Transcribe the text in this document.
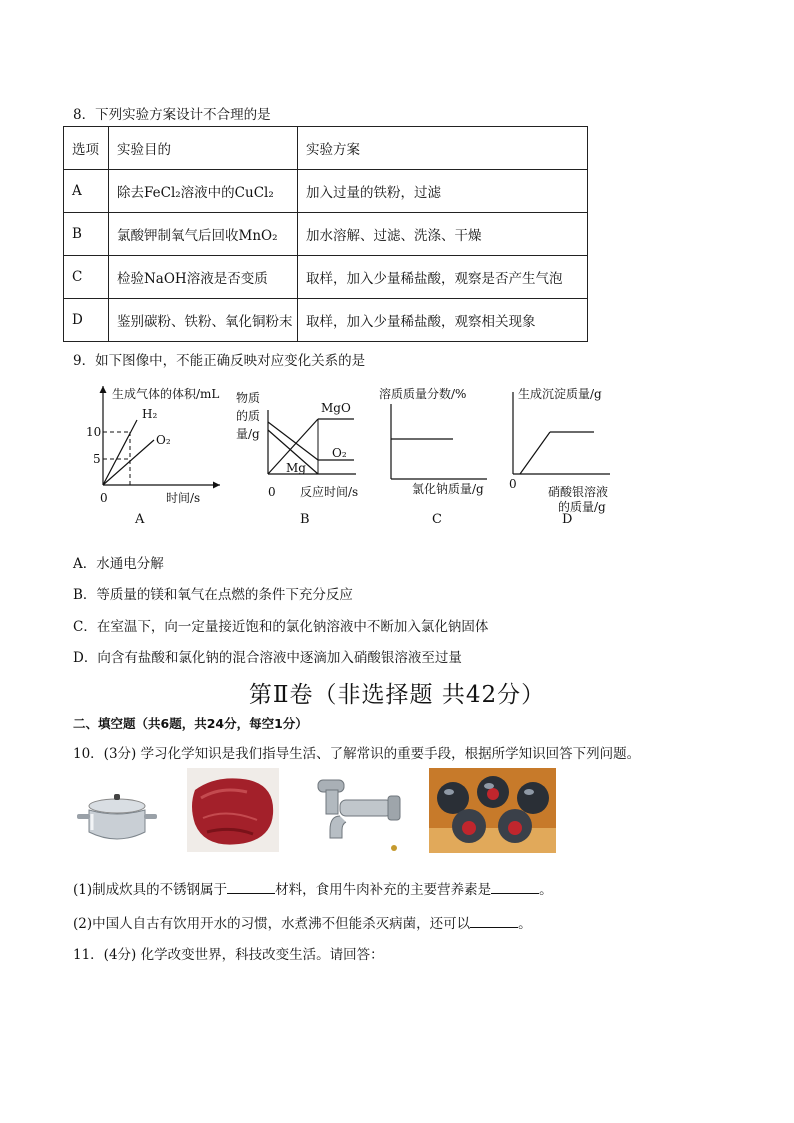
8．下列实验方案设计不合理的是
选项	实验目的	实验方案
A	除去FeCl₂溶液中的CuCl₂	加入过量的铁粉，过滤
B	氯酸钾制氧气后回收MnO₂	加水溶解、过滤、洗涤、干燥
C	检验NaOH溶液是否变质	取样，加入少量稀盐酸，观察是否产生气泡
D	鉴别碳粉、铁粉、氧化铜粉末	取样，加入少量稀盐酸，观察相关现象
9．如下图像中，不能正确反映对应变化关系的是
生成气体的体积/mL
10
5
0	时间/s
H₂
O₂
A
物质
的质
量/g
0 反应时间/s
MgO
Mg
O₂
B
溶质质量分数/%
氯化钠质量/g
C
生成沉淀质量/g
0
硝酸银溶液
的质量/g
D
A．水通电分解
B．等质量的镁和氧气在点燃的条件下充分反应
C．在室温下，向一定量接近饱和的氯化钠溶液中不断加入氯化钠固体
D．向含有盐酸和氯化钠的混合溶液中逐滴加入硝酸银溶液至过量
第Ⅱ卷（非选择题 共42分）
二、填空题（共6题，共24分，每空1分）
10．(3分) 学习化学知识是我们指导生活、了解常识的重要手段，根据所学知识回答下列问题。
(1)制成炊具的不锈钢属于	材料，食用牛肉补充的主要营养素是	。
(2)中国人自古有饮用开水的习惯，水煮沸不但能杀灭病菌，还可以	。
11．(4分) 化学改变世界，科技改变生活。请回答：
